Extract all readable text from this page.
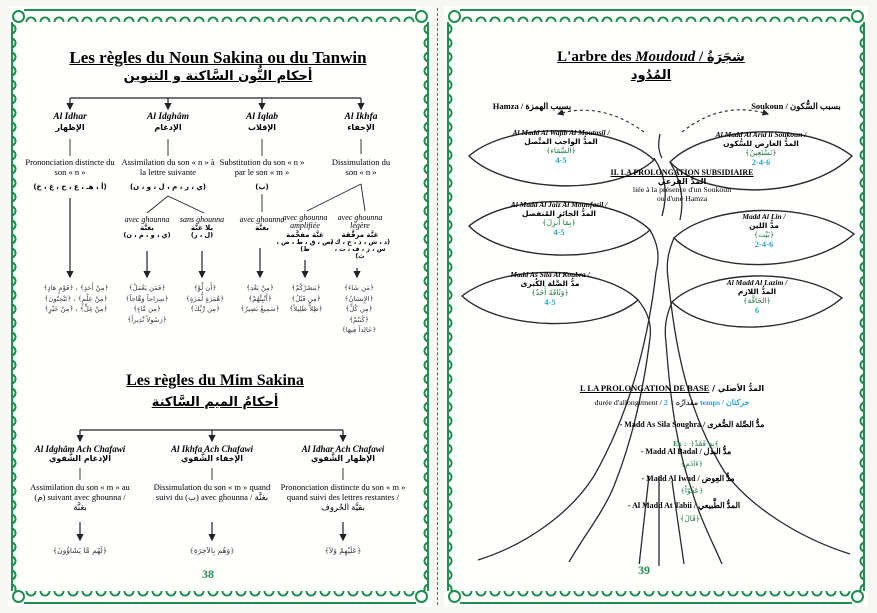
Les règles du Noun Sakina ou du Tanwin
أحكام النُّون السَّاكنة و التنوين
Al Idhar
الإظهار
Al Idghâm
الإدغام
Al Iqlab
الإقلاب
Al Ikhfa
الإخفاء
Prononciation distincte du son « n »
(أ ، هـ ، ع ، ح ، غ ، خ)
Assimilation du son « n » à la lettre suivante
(ي ، ر ، م ، ل ، و ، ن)
Substitution du son « n » par le son « m »
(ب)
Dissimulation du son « n »
avec ghounna
بغنَّة
(ي ، و ، م ، ن)
sans ghounna
بلا غنَّة
(ل ، ر)
avec ghounna
بغنَّة
avec ghounna amplifiée
غنَّة مفخَّمة
(ص ، ق ، ط ، ض ، ظ)
avec ghounna légère
غنَّة مرقَّقة
(د ، ش ، ذ ، ج ، ك ، س ، ز ، ف ، ت ، ث)
﴿مِنْ أَحَدٍ﴾ ، ﴿قَوْمٍ هَادٍ﴾
﴿مِنْ عِلْمٍ﴾ ، ﴿تَنْحِتُونَ﴾
﴿مِنْ غِلٍّ﴾ ، ﴿مِنْ خَيْرٍ﴾
﴿فَمَن يَعْمَلْ﴾
﴿سِرَاجاً وَهَّاجاً﴾
﴿مِن مَّاءٍ﴾
﴿رَسُولاً نَّذِيراً﴾
﴿أَن لَّوْ﴾
﴿هُمَزَةٍ لُّمَزَةٍ﴾
﴿مِن رَّبِّكَ﴾
﴿مِنْ بَعْدِ﴾
﴿أَنْبِئْهُمْ﴾
﴿سَمِيعٌ بَصِيرٌ﴾
﴿يَنصُرْكُمْ﴾
﴿مِن قَبْلُ﴾
﴿ظِلاًّ ظَلِيلاً﴾
﴿مَن شَاءَ﴾
﴿الإِنسَانُ﴾
﴿مِن كُلٍّ﴾
﴿كُنتُمْ﴾
﴿خَالِداً فِيهَا﴾
Les règles du Mim Sakina
أحكامُ الميم السَّاكنة
Al Idghâm Ach Chafawi
الإدغام الشَّفوي
Al Ikhfa Ach Chafawi
الإخفاء الشَّفوي
Al Idhar Ach Chafawi
الإظهار الشَّفوي
Assimilation du son « m » au (م) suivant avec ghounna / بغنَّة
Dissimulation du son « m » quand suivi du (ب) avec ghounna / بغنَّة
Prononciation distincte du son « m » quand suivi des lettres restantes / بقيَّة الحُروف
﴿لَهُم مَّا يَشَاؤُونَ﴾	﴿وَهُم بِالآخِرَةِ﴾	﴿عَلَيْهِمْ وَلاَ﴾
38
L'arbre des Moudoud / شجَرَةُ المُدُود
Hamza / بسبب الهمزة	Soukoun / بسبب السُّكون
II. LA PROLONGATION SUBSIDIAIRE
المدُّ الفرعي
liée à la présence d'un Soukoun
ou d'une Hamza
Al Madd Al Wajib Al Moutasil /
المدُّ الواجب المتَّصل
﴿السَّمَاء﴾
4-5
Al Madd Al Jaiz Al Mounfasil /
المدُّ الجائز المُنفصل
﴿بِمَا أُنزِلَ﴾
4-5
Madd As Sila Al Koubra /
مدُّ الصِّلة الكُبرى
﴿وَثَاقَهُ أَحَدٌ﴾
4-5
Al Madd Al Arid li Soukoun /
المدُّ العارض للسُّكون
﴿نَسْتَعِينُ﴾
2-4-6
Madd Al Lin /
مدُّ اللين
﴿بَيْت﴾
2-4-6
Al Madd Al Lazim /
المدُّ اللازم
﴿الحَاقَّة﴾
6
I. LA PROLONGATION DE BASE / المدُّ الأصلي
durée d'allongement / مقدارُه : 2 temps / حركتان
- Madd As Sila Soughra / مدُّ الصِّلة الصُّغرى
Ex : ﴿بِهِ فَقَدْ﴾
- Madd Al Badal / مدُّ البدل
﴿ءَادَم﴾
- Madd Al Iwad / مدُّ العِوض
﴿عَفُوّاً﴾
- Al Madd At Tabii / المدُّ الطَّبيعي
﴿قَالَ﴾
39
